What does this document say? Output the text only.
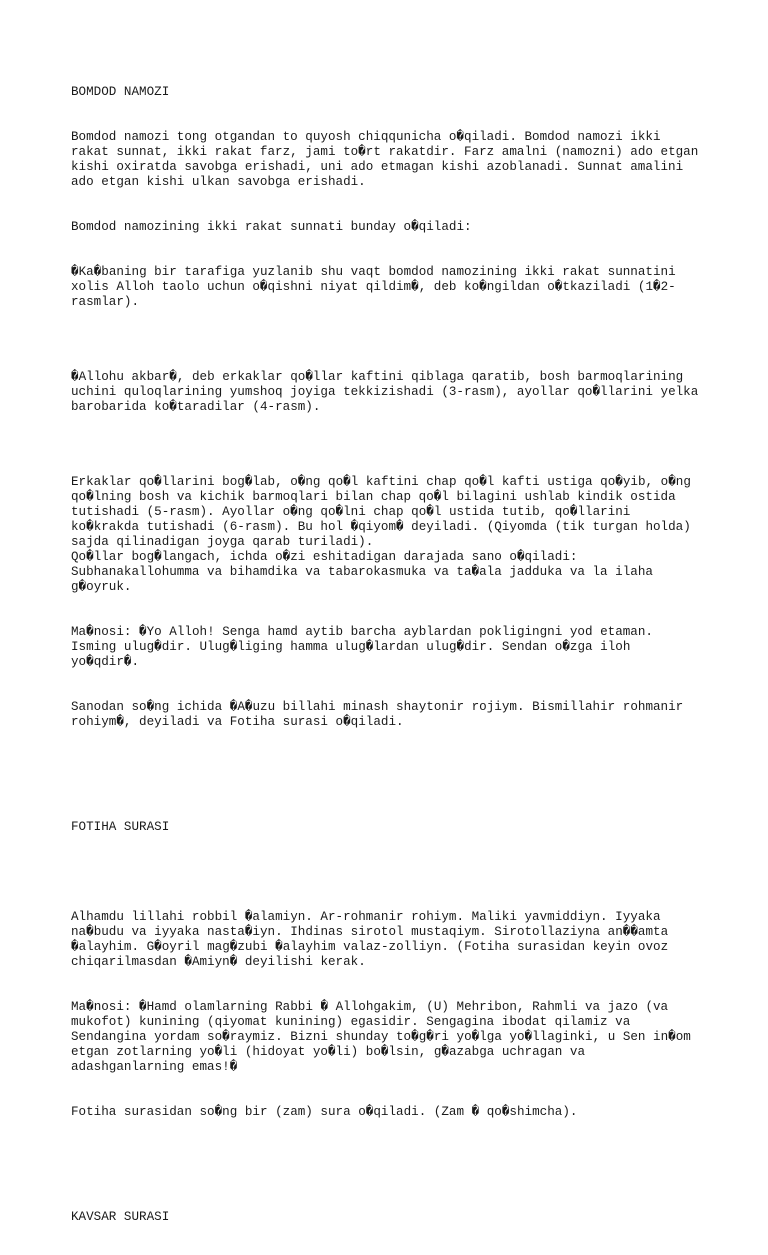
BOMDOD NAMOZI

Bomdod namozi tong otgandan to quyosh chiqqunicha o�qiladi. Bomdod namozi ikki
rakat sunnat, ikki rakat farz, jami to�rt rakatdir. Farz amalni (namozni) ado etgan
kishi oxiratda savobga erishadi, uni ado etmagan kishi azoblanadi. Sunnat amalini
ado etgan kishi ulkan savobga erishadi.

Bomdod namozining ikki rakat sunnati bunday o�qiladi:

�Ka�baning bir tarafiga yuzlanib shu vaqt bomdod namozining ikki rakat sunnatini
xolis Alloh taolo uchun o�qishni niyat qildim�, deb ko�ngildan o�tkaziladi (1�2-
rasmlar).

�Allohu akbar�, deb erkaklar qo�llar kaftini qiblaga qaratib, bosh barmoqlarining
uchini quloqlarining yumshoq joyiga tekkizishadi (3-rasm), ayollar qo�llarini yelka
barobarida ko�taradilar (4-rasm).

Erkaklar qo�llarini bog�lab, o�ng qo�l kaftini chap qo�l kafti ustiga qo�yib, o�ng
qo�lning bosh va kichik barmoqlari bilan chap qo�l bilagini ushlab kindik ostida
tutishadi (5-rasm). Ayollar o�ng qo�lni chap qo�l ustida tutib, qo�llarini
ko�krakda tutishadi (6-rasm). Bu hol �qiyom� deyiladi. (Qiyomda (tik turgan holda)
sajda qilinadigan joyga qarab turiladi).
Qo�llar bog�langach, ichda o�zi eshitadigan darajada sano o�qiladi:
Subhanakallohumma va bihamdika va tabarokasmuka va ta�ala jadduka va la ilaha
g�oyruk.

Ma�nosi: �Yo Alloh! Senga hamd aytib barcha ayblardan pokligingni yod etaman.
Isming ulug�dir. Ulug�liging hamma ulug�lardan ulug�dir. Sendan o�zga iloh
yo�qdir�.

Sanodan so�ng ichida �A�uzu billahi minash shaytonir rojiym. Bismillahir rohmanir
rohiym�, deyiladi va Fotiha surasi o�qiladi.

FOTIHA SURASI

Alhamdu lillahi robbil �alamiyn. Ar-rohmanir rohiym. Maliki yavmiddiyn. Iyyaka
na�budu va iyyaka nasta�iyn. Ihdinas sirotol mustaqiym. Sirotollaziyna an��amta
�alayhim. G�oyril mag�zubi �alayhim valaz-zolliyn. (Fotiha surasidan keyin ovoz
chiqarilmasdan �Amiyn� deyilishi kerak.

Ma�nosi: �Hamd olamlarning Rabbi � Allohgakim, (U) Mehribon, Rahmli va jazo (va
mukofot) kunining (qiyomat kunining) egasidir. Sengagina ibodat qilamiz va
Sendangina yordam so�raymiz. Bizni shunday to�g�ri yo�lga yo�llaginki, u Sen in�om
etgan zotlarning yo�li (hidoyat yo�li) bo�lsin, g�azabga uchragan va
adashganlarning emas!�

Fotiha surasidan so�ng bir (zam) sura o�qiladi. (Zam � qo�shimcha).

KAVSAR SURASI
